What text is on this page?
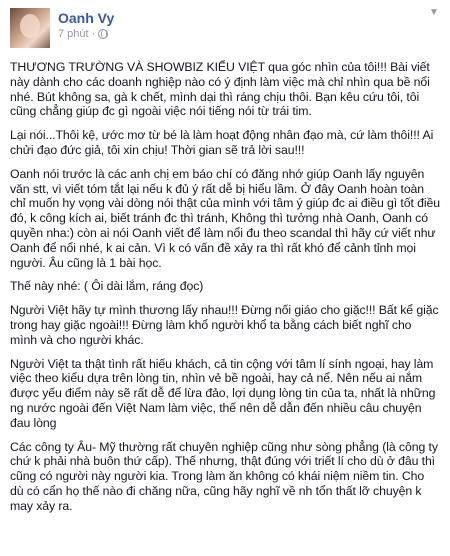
Oanh Vy
7 phút ·
▼

THƯƠNG TRƯỜNG VÀ SHOWBIZ KIỂU VIỆT qua góc nhìn của tôi!!! Bài viết này dành cho các doanh nghiệp nào có ý định làm việc mà chỉ nhìn qua bề nổi nhé. Bút không sa, gà k chết, mình dại thì ráng chịu thôi. Bạn kêu cứu tôi, tôi cũng chẳng giúp đc gì ngoài việc nói tiếng nói từ trái tim.

Lại nói...Thôi kệ, ước mơ từ bé là làm hoạt động nhân đạo mà, cứ làm thôi!!! Ai chửi đạo đức giả, tôi xin chịu! Thời gian sẽ trả lời sau!!!

Oanh nói trước là các anh chị em báo chí có đăng nhớ giúp Oanh lấy nguyên văn stt, vì viết tóm tắt lại nếu k đủ ý rất dễ bị hiểu lầm. Ở đây Oanh hoàn toàn chỉ muốn hy vọng vài dòng nói thật của mình với tâm ý giúp đc ai điều gì tốt điều đó, k công kích ai, biết tránh đc thì tránh, Không thì tưởng nhà Oanh, Oanh có quyền nha:) còn ai nói Oanh viết để làm nổi đu theo scandal thì hãy cứ viết như Oanh để nổi nhé, k ai cản. Vì k có vấn đề xảy ra thì rất khó để cảnh tỉnh mọi người. Âu cũng là 1 bài học.

Thế này nhé: ( Ôi dài lắm, ráng đọc)

Người Việt hãy tự mình thương lấy nhau!!! Đừng nối giáo cho giặc!!! Bất kể giặc trong hay giặc ngoài!!! Đừng làm khổ người khổ ta bằng cách biết nghĩ cho mình và cho người khác.

Người Việt ta thật tình rất hiếu khách, cả tin cộng với tâm lí sính ngoại, hay làm việc theo kiểu dựa trên lòng tin, nhìn vẻ bề ngoài, hay cả nể. Nên nếu ai nắm được yếu điểm này sẽ rất dễ để lừa đảo, lợi dụng lòng tin của ta, nhất là những ng nước ngoài đến Việt Nam làm việc, thế nên dễ dẫn đến nhiều câu chuyện đau lòng

Các công ty Âu- Mỹ thường rất chuyên nghiệp cũng như sòng phẳng (là công ty chứ k phải nhà buôn thứ cấp). Thế nhưng, thật đúng với triết lí cho dù ở đâu thì cũng có người này người kia. Trong làm ăn không có khái niệm niềm tin. Cho dù có cẩn họ thế nào đi chăng nữa, cũng hãy nghĩ về nh tổn thất lỡ chuyện k may xảy ra.
